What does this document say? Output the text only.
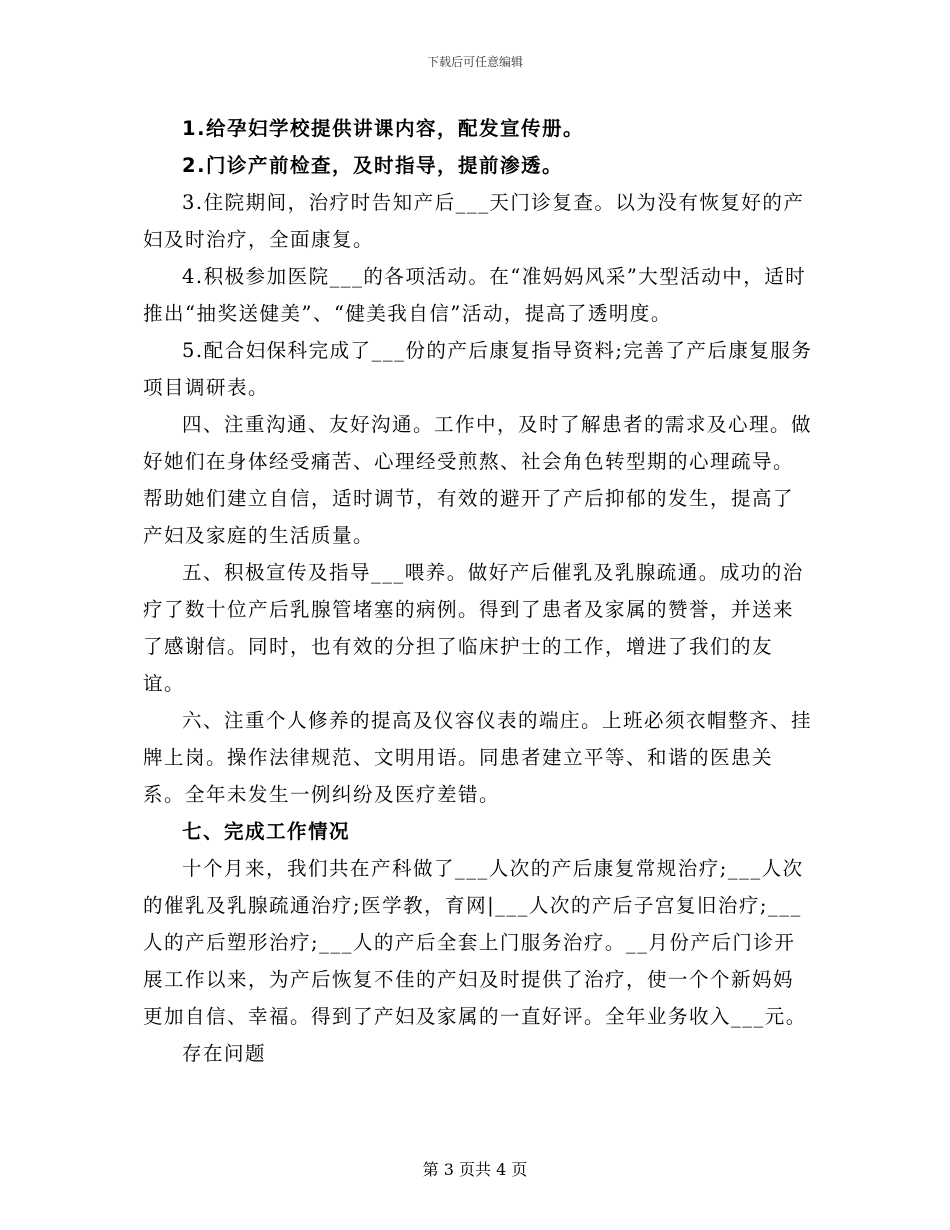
下载后可任意编辑

1.给孕妇学校提供讲课内容，配发宣传册。

2.门诊产前检查，及时指导，提前渗透。

3.住院期间，治疗时告知产后___天门诊复查。以为没有恢复好的产妇及时治疗，全面康复。

4.积极参加医院___的各项活动。在“准妈妈风采”大型活动中，适时推出“抽奖送健美”、“健美我自信”活动，提高了透明度。

5.配合妇保科完成了___份的产后康复指导资料;完善了产后康复服务项目调研表。

四、注重沟通、友好沟通。工作中，及时了解患者的需求及心理。做好她们在身体经受痛苦、心理经受煎熬、社会角色转型期的心理疏导。帮助她们建立自信，适时调节，有效的避开了产后抑郁的发生，提高了产妇及家庭的生活质量。

五、积极宣传及指导___喂养。做好产后催乳及乳腺疏通。成功的治疗了数十位产后乳腺管堵塞的病例。得到了患者及家属的赞誉，并送来了感谢信。同时，也有效的分担了临床护士的工作，增进了我们的友谊。

六、注重个人修养的提高及仪容仪表的端庄。上班必须衣帽整齐、挂牌上岗。操作法律规范、文明用语。同患者建立平等、和谐的医患关系。全年未发生一例纠纷及医疗差错。

七、完成工作情况

十个月来，我们共在产科做了___人次的产后康复常规治疗;___人次的催乳及乳腺疏通治疗;医学教，育网|___人次的产后子宫复旧治疗;___人的产后塑形治疗;___人的产后全套上门服务治疗。__月份产后门诊开展工作以来，为产后恢复不佳的产妇及时提供了治疗，使一个个新妈妈更加自信、幸福。得到了产妇及家属的一直好评。全年业务收入___元。

存在问题

第 3 页共 4 页
